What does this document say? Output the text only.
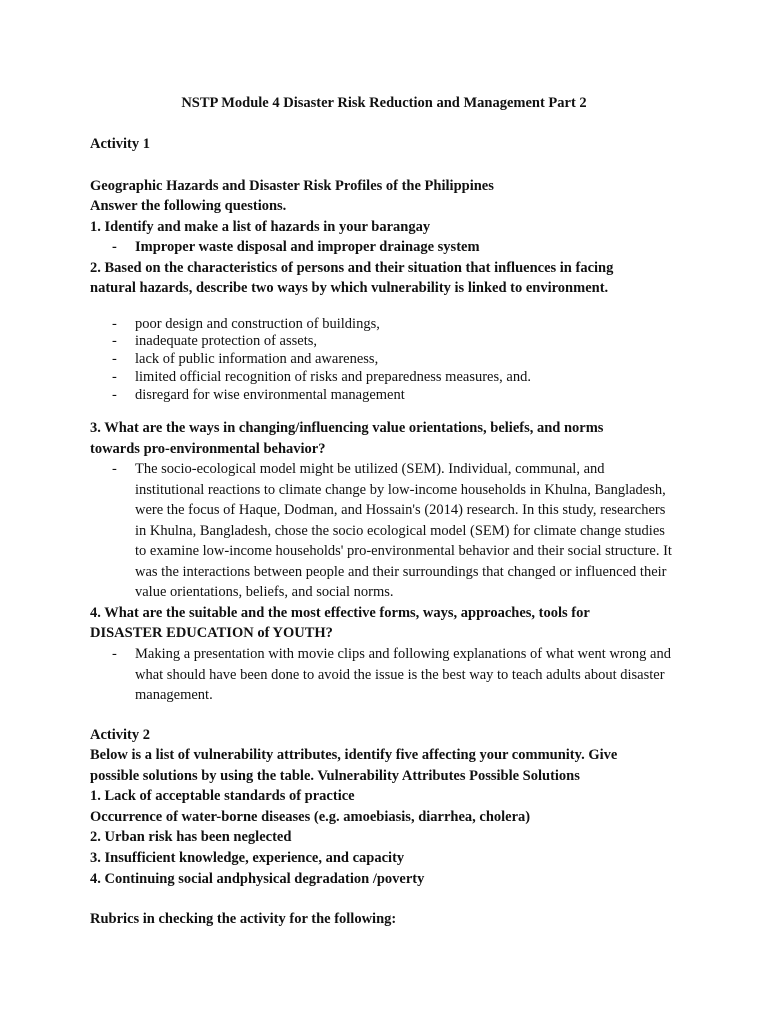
NSTP Module 4 Disaster Risk Reduction and Management Part 2
Activity 1
Geographic Hazards and Disaster Risk Profiles of the Philippines
Answer the following questions.
1. Identify and make a list of hazards in your barangay
- Improper waste disposal and improper drainage system
2. Based on the characteristics of persons and their situation that influences in facing
natural hazards, describe two ways by which vulnerability is linked to environment.
- poor design and construction of buildings,
- inadequate protection of assets,
- lack of public information and awareness,
- limited official recognition of risks and preparedness measures, and.
- disregard for wise environmental management
3. What are the ways in changing/influencing value orientations, beliefs, and norms
towards pro-environmental behavior?
- The socio-ecological model might be utilized (SEM). Individual, communal, and institutional reactions to climate change by low-income households in Khulna, Bangladesh, were the focus of Haque, Dodman, and Hossain's (2014) research. In this study, researchers in Khulna, Bangladesh, chose the socio ecological model (SEM) for climate change studies to examine low-income households' pro-environmental behavior and their social structure. It was the interactions between people and their surroundings that changed or influenced their value orientations, beliefs, and social norms.
4. What are the suitable and the most effective forms, ways, approaches, tools for
DISASTER EDUCATION of YOUTH?
- Making a presentation with movie clips and following explanations of what went wrong and what should have been done to avoid the issue is the best way to teach adults about disaster management.
Activity 2
Below is a list of vulnerability attributes, identify five affecting your community. Give
possible solutions by using the table. Vulnerability Attributes Possible Solutions
1. Lack of acceptable standards of practice
Occurrence of water-borne diseases (e.g. amoebiasis, diarrhea, cholera)
2. Urban risk has been neglected
3. Insufficient knowledge, experience, and capacity
4. Continuing social andphysical degradation /poverty
Rubrics in checking the activity for the following:
